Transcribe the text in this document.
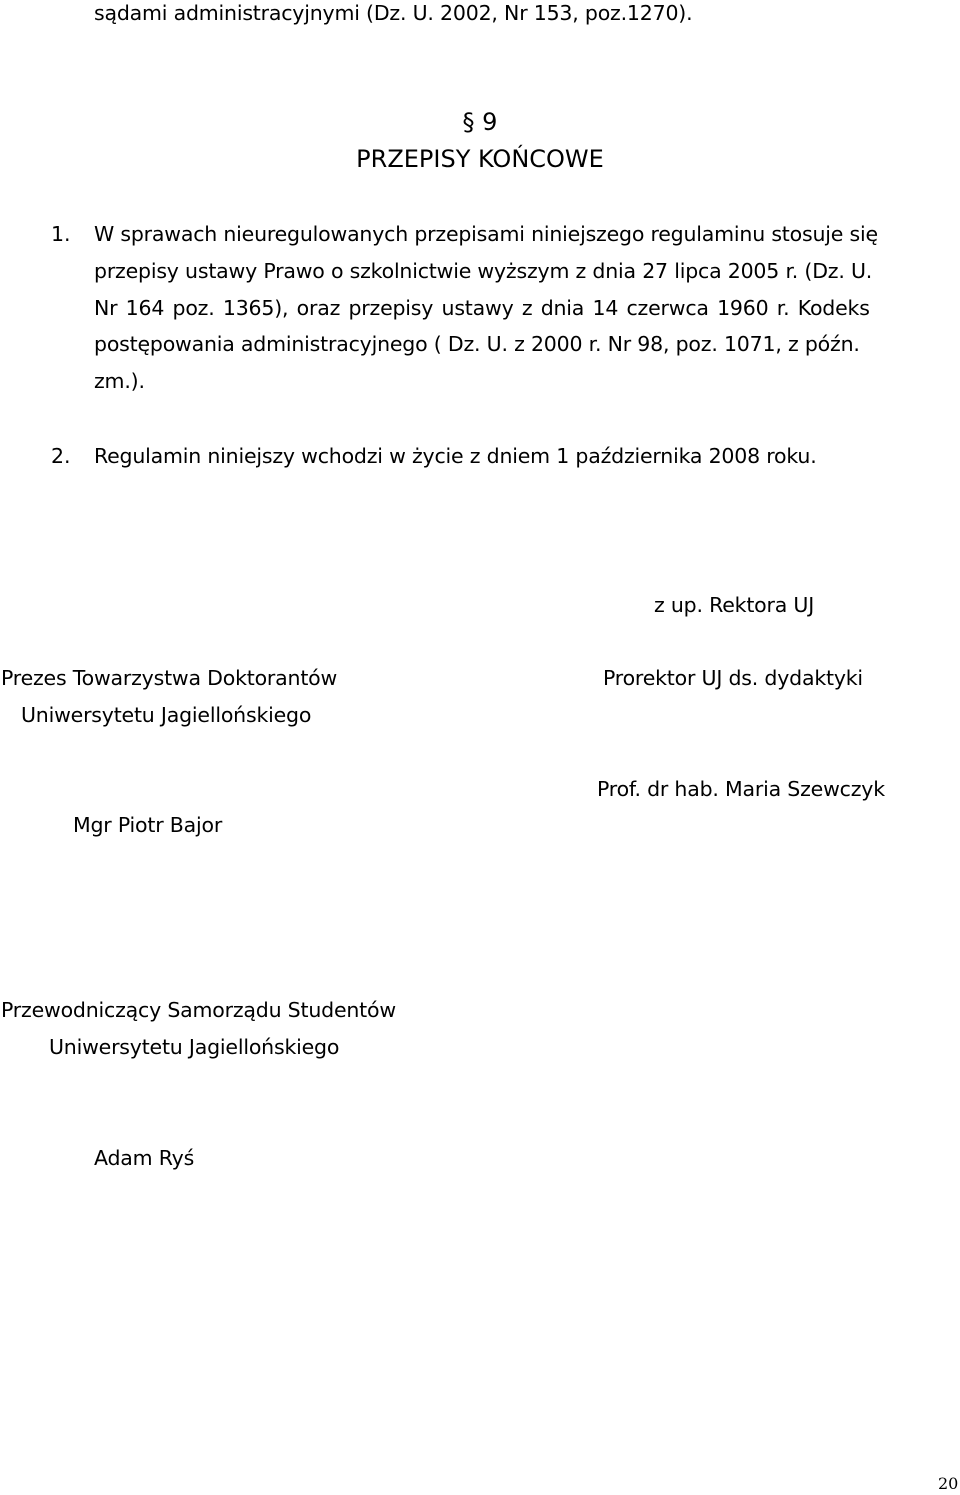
sądami administracyjnymi (Dz. U. 2002, Nr 153, poz.1270).
§ 9
PRZEPISY KOŃCOWE
1. W sprawach nieuregulowanych przepisami niniejszego regulaminu stosuje się
przepisy ustawy Prawo o szkolnictwie wyższym z dnia 27 lipca 2005 r. (Dz. U.
Nr 164 poz. 1365), oraz przepisy ustawy z dnia 14 czerwca 1960 r. Kodeks
postępowania administracyjnego ( Dz. U. z 2000 r. Nr 98, poz. 1071, z późn.
zm.).
2. Regulamin niniejszy wchodzi w życie z dniem 1 października 2008 roku.
z up. Rektora UJ
Prezes Towarzystwa Doktorantów
Uniwersytetu Jagiellońskiego
Mgr Piotr Bajor
Prorektor UJ ds. dydaktyki
Prof. dr hab. Maria Szewczyk
Przewodniczący Samorządu Studentów
Uniwersytetu Jagiellońskiego
Adam Ryś
20
